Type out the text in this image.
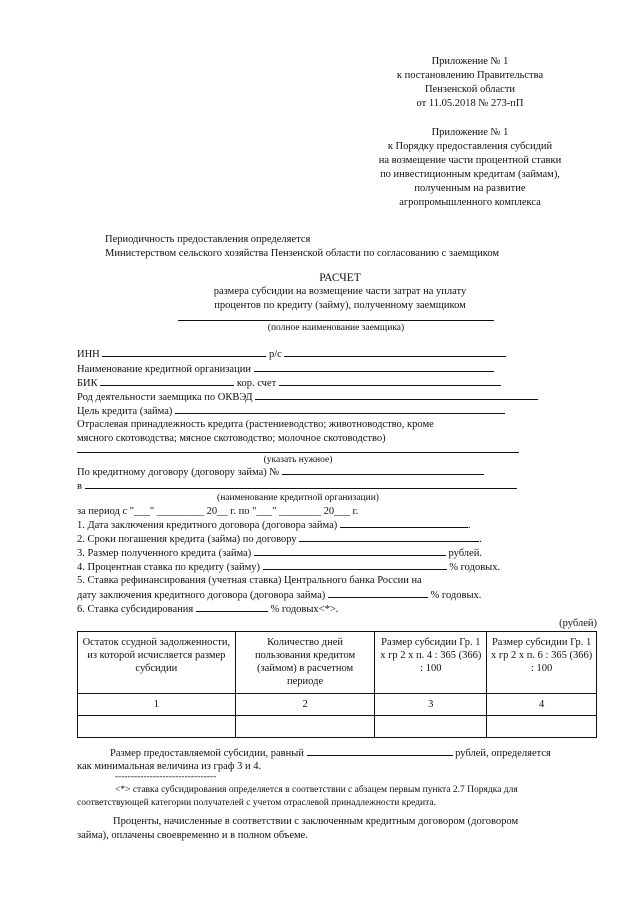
Приложение № 1
к постановлению Правительства
Пензенской области
от 11.05.2018 № 273-пП
Приложение № 1
к Порядку предоставления субсидий
на возмещение части процентной ставки
по инвестиционным кредитам (займам),
полученным на развитие
агропромышленного комплекса
Периодичность предоставления определяется
Министерством сельского хозяйства Пензенской области по согласованию с заемщиком
РАСЧЕТ
размера субсидии на возмещение части затрат на уплату
процентов по кредиту (займу), полученному заемщиком
(полное наименование заемщика)
ИНН	р/с
Наименование кредитной организации
БИК	кор. счет
Род деятельности заемщика по ОКВЭД
Цель кредита (займа)
Отраслевая принадлежность кредита (растениеводство; животноводство, кроме
мясного скотоводства; мясное скотоводство; молочное скотоводство)
(указать нужное)
По кредитному договору (договору займа) №
в
(наименование кредитной организации)
за период с "___" _________ 20__ г. по "___" ________ 20___ г.
1. Дата заключения кредитного договора (договора займа)	.
2. Сроки погашения кредита (займа) по договору	.
3. Размер полученного кредита (займа)	рублей.
4. Процентная ставка по кредиту (займу)	% годовых.
5. Ставка рефинансирования (учетная ставка) Центрального банка России на
дату заключения кредитного договора (договора займа)	% годовых.
6. Ставка субсидирования	% годовых<*>.
(рублей)
Остаток ссудной задолженности, из которой исчисляется размер субсидии	Количество дней пользования кредитом (займом) в расчетном периоде	Размер субсидии Гр. 1 x гр 2 x п. 4 : 365 (366) : 100	Размер субсидии Гр. 1 x гр 2 x п. 6 : 365 (366) : 100
1	2	3	4

Размер предоставляемой субсидии, равный	рублей, определяется
как минимальная величина из граф 3 и 4.
--------------------------------
<*> ставка субсидирования определяется в соответствии с абзацем первым пункта 2.7 Порядка для
соответствующей категории получателей с учетом отраслевой принадлежности кредита.
Проценты, начисленные в соответствии с заключенным кредитным договором (договором
займа), оплачены своевременно и в полном объеме.
